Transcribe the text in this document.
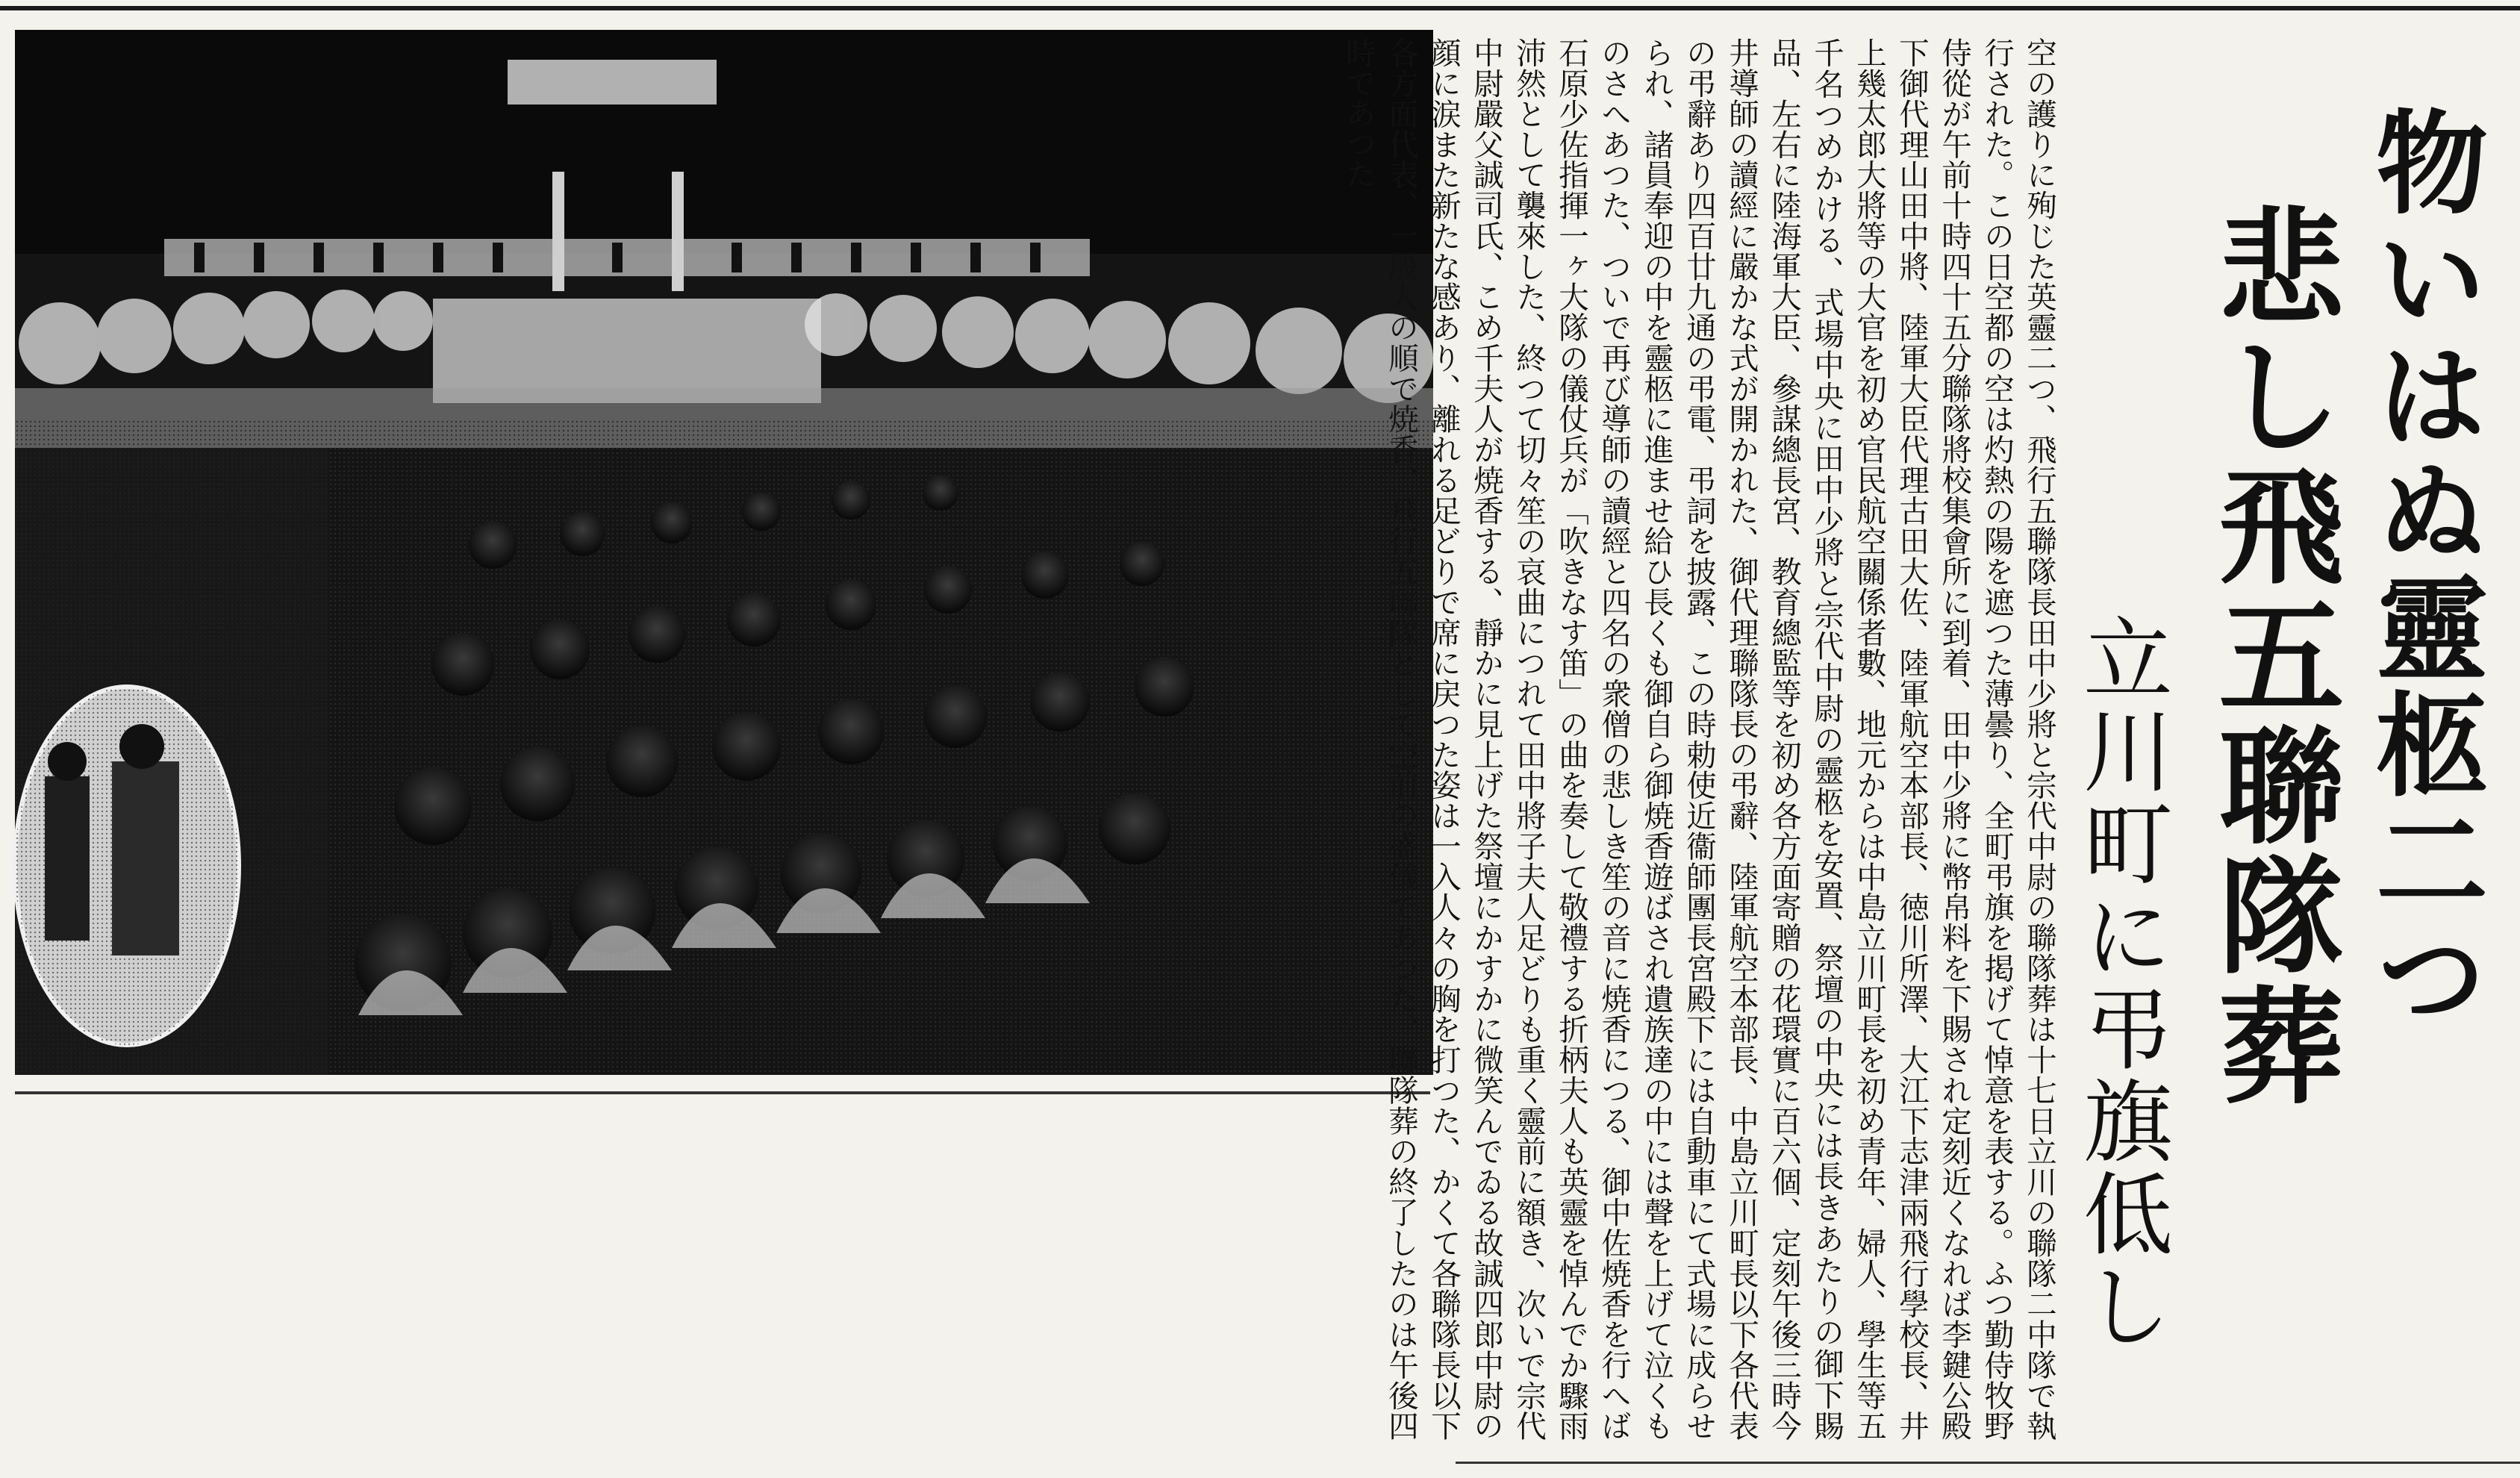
物いはぬ靈柩二つ
悲し飛五聯隊葬
立川町に弔旗低し
空の護りに殉じた英靈二つ、飛行五聯隊長田中少將と宗代中尉の聯隊葬は十七日立川の聯隊二中隊で執行された。この日空都の空は灼熱の陽を遮つた薄曇り、全町弔旗を掲げて悼意を表する。ふつ勤侍牧野侍從が午前十時四十五分聯隊將校集會所に到着、田中少將に幣帛料を下賜され定刻近くなれば李鍵公殿下御代理山田中將、陸軍大臣代理古田大佐、陸軍航空本部長、徳川所澤、大江下志津兩飛行學校長、井上幾太郎大將等の大官を初め官民航空關係者數、地元からは中島立川町長を初め青年、婦人、學生等五千名つめかける、式場中央に田中少將と宗代中尉の靈柩を安置、祭壇の中央には長きあたりの御下賜品、左右に陸海軍大臣、參謀總長宮、教育總監等を初め各方面寄贈の花環實に百六個、定刻午後三時今井導師の讀經に嚴かな式が開かれた、御代理聯隊長の弔辭、陸軍航空本部長、中島立川町長以下各代表の弔辭あり四百廿九通の弔電、弔詞を披露、この時勅使近衞師團長宮殿下には自動車にて式場に成らせられ、諸員奉迎の中を靈柩に進ませ給ひ長くも御自ら御焼香遊ばされ遺族達の中には聲を上げて泣くものさへあつた、ついで再び導師の讀經と四名の衆僧の悲しき笙の音に焼香につる、御中佐焼香を行へば石原少佐指揮一ヶ大隊の儀仗兵が「吹きなす笛」の曲を奏して敬禮する折柄夫人も英靈を悼んでか驟雨沛然として襲來した、終つて切々笙の哀曲につれて田中將子夫人足どりも重く靈前に額き、次いで宗代中尉嚴父誠司氏、こめ千夫人が焼香する、靜かに見上げた祭壇にかすかに微笑んでゐる故誠四郎中尉の顔に涙また新たな感あり、離れる足どりで席に戻つた姿は一入人々の胸を打つた、かくて各聯隊長以下各方面代表、一般人の順で焼香、飛行五聯隊として空前の盛儀であつた、聯隊葬の終了したのは午後四時であつた
